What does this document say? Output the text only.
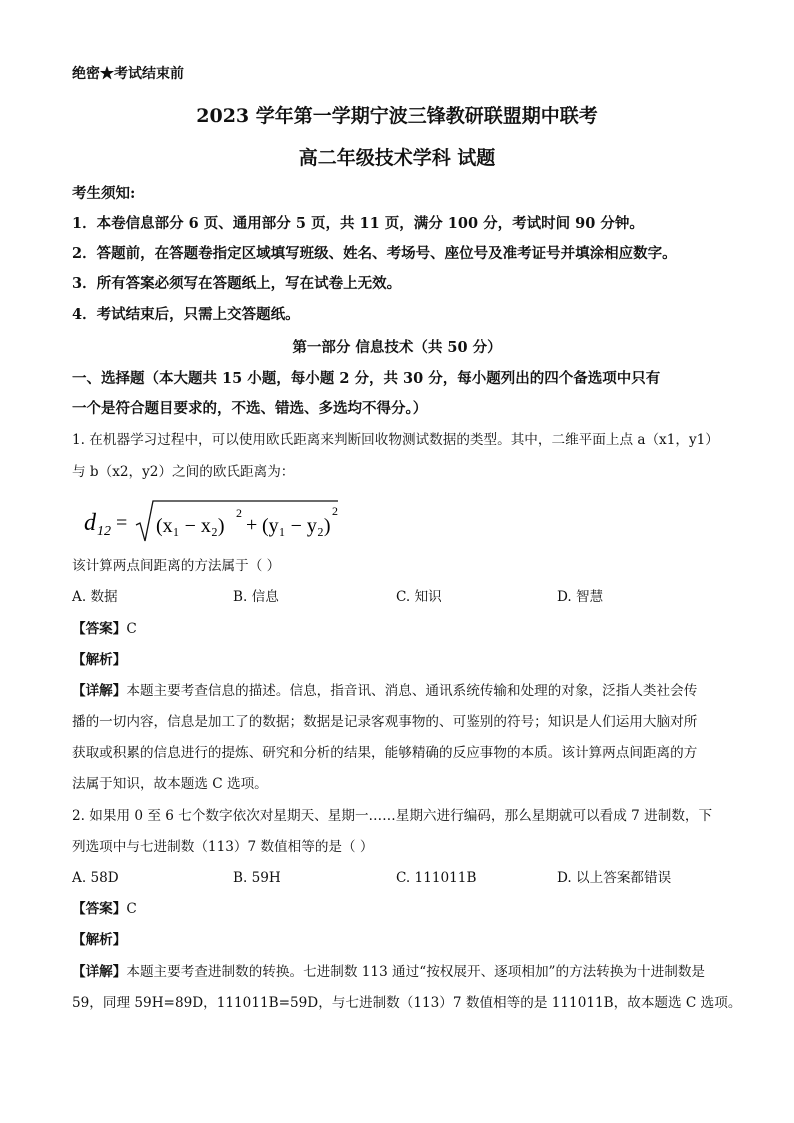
绝密★考试结束前
2023 学年第一学期宁波三锋教研联盟期中联考
高二年级技术学科 试题
考生须知:
1．本卷信息部分 6 页、通用部分 5 页，共 11 页，满分 100 分，考试时间 90 分钟。
2．答题前，在答题卷指定区域填写班级、姓名、考场号、座位号及准考证号并填涂相应数字。
3．所有答案必须写在答题纸上，写在试卷上无效。
4．考试结束后，只需上交答题纸。
第一部分 信息技术（共 50 分）
一、选择题（本大题共 15 小题，每小题 2 分，共 30 分，每小题列出的四个备选项中只有
一个是符合题目要求的，不选、错选、多选均不得分。）
1. 在机器学习过程中，可以使用欧氏距离来判断回收物测试数据的类型。其中，二维平面上点 a（x1，y1）
与 b（x2，y2）之间的欧氏距离为：
d 12 = (x₁ − x₂)
2
+ (y₁ − y₂)
2
该计算两点间距离的方法属于（ ）
A. 数据	B. 信息	C. 知识	D. 智慧
【答案】C
【解析】
【详解】本题主要考查信息的描述。信息，指音讯、消息、通讯系统传输和处理的对象，泛指人类社会传
播的一切内容，信息是加工了的数据；数据是记录客观事物的、可鉴别的符号；知识是人们运用大脑对所
获取或积累的信息进行的提炼、研究和分析的结果，能够精确的反应事物的本质。该计算两点间距离的方
法属于知识，故本题选 C 选项。
2. 如果用 0 至 6 七个数字依次对星期天、星期一……星期六进行编码，那么星期就可以看成 7 进制数，下
列选项中与七进制数（113）7 数值相等的是（ ）
A. 58D	B. 59H	C. 111011B	D. 以上答案都错误
【答案】C
【解析】
【详解】本题主要考查进制数的转换。七进制数 113 通过“按权展开、逐项相加”的方法转换为十进制数是
59，同理 59H=89D，111011B=59D，与七进制数（113）7 数值相等的是 111011B，故本题选 C 选项。
